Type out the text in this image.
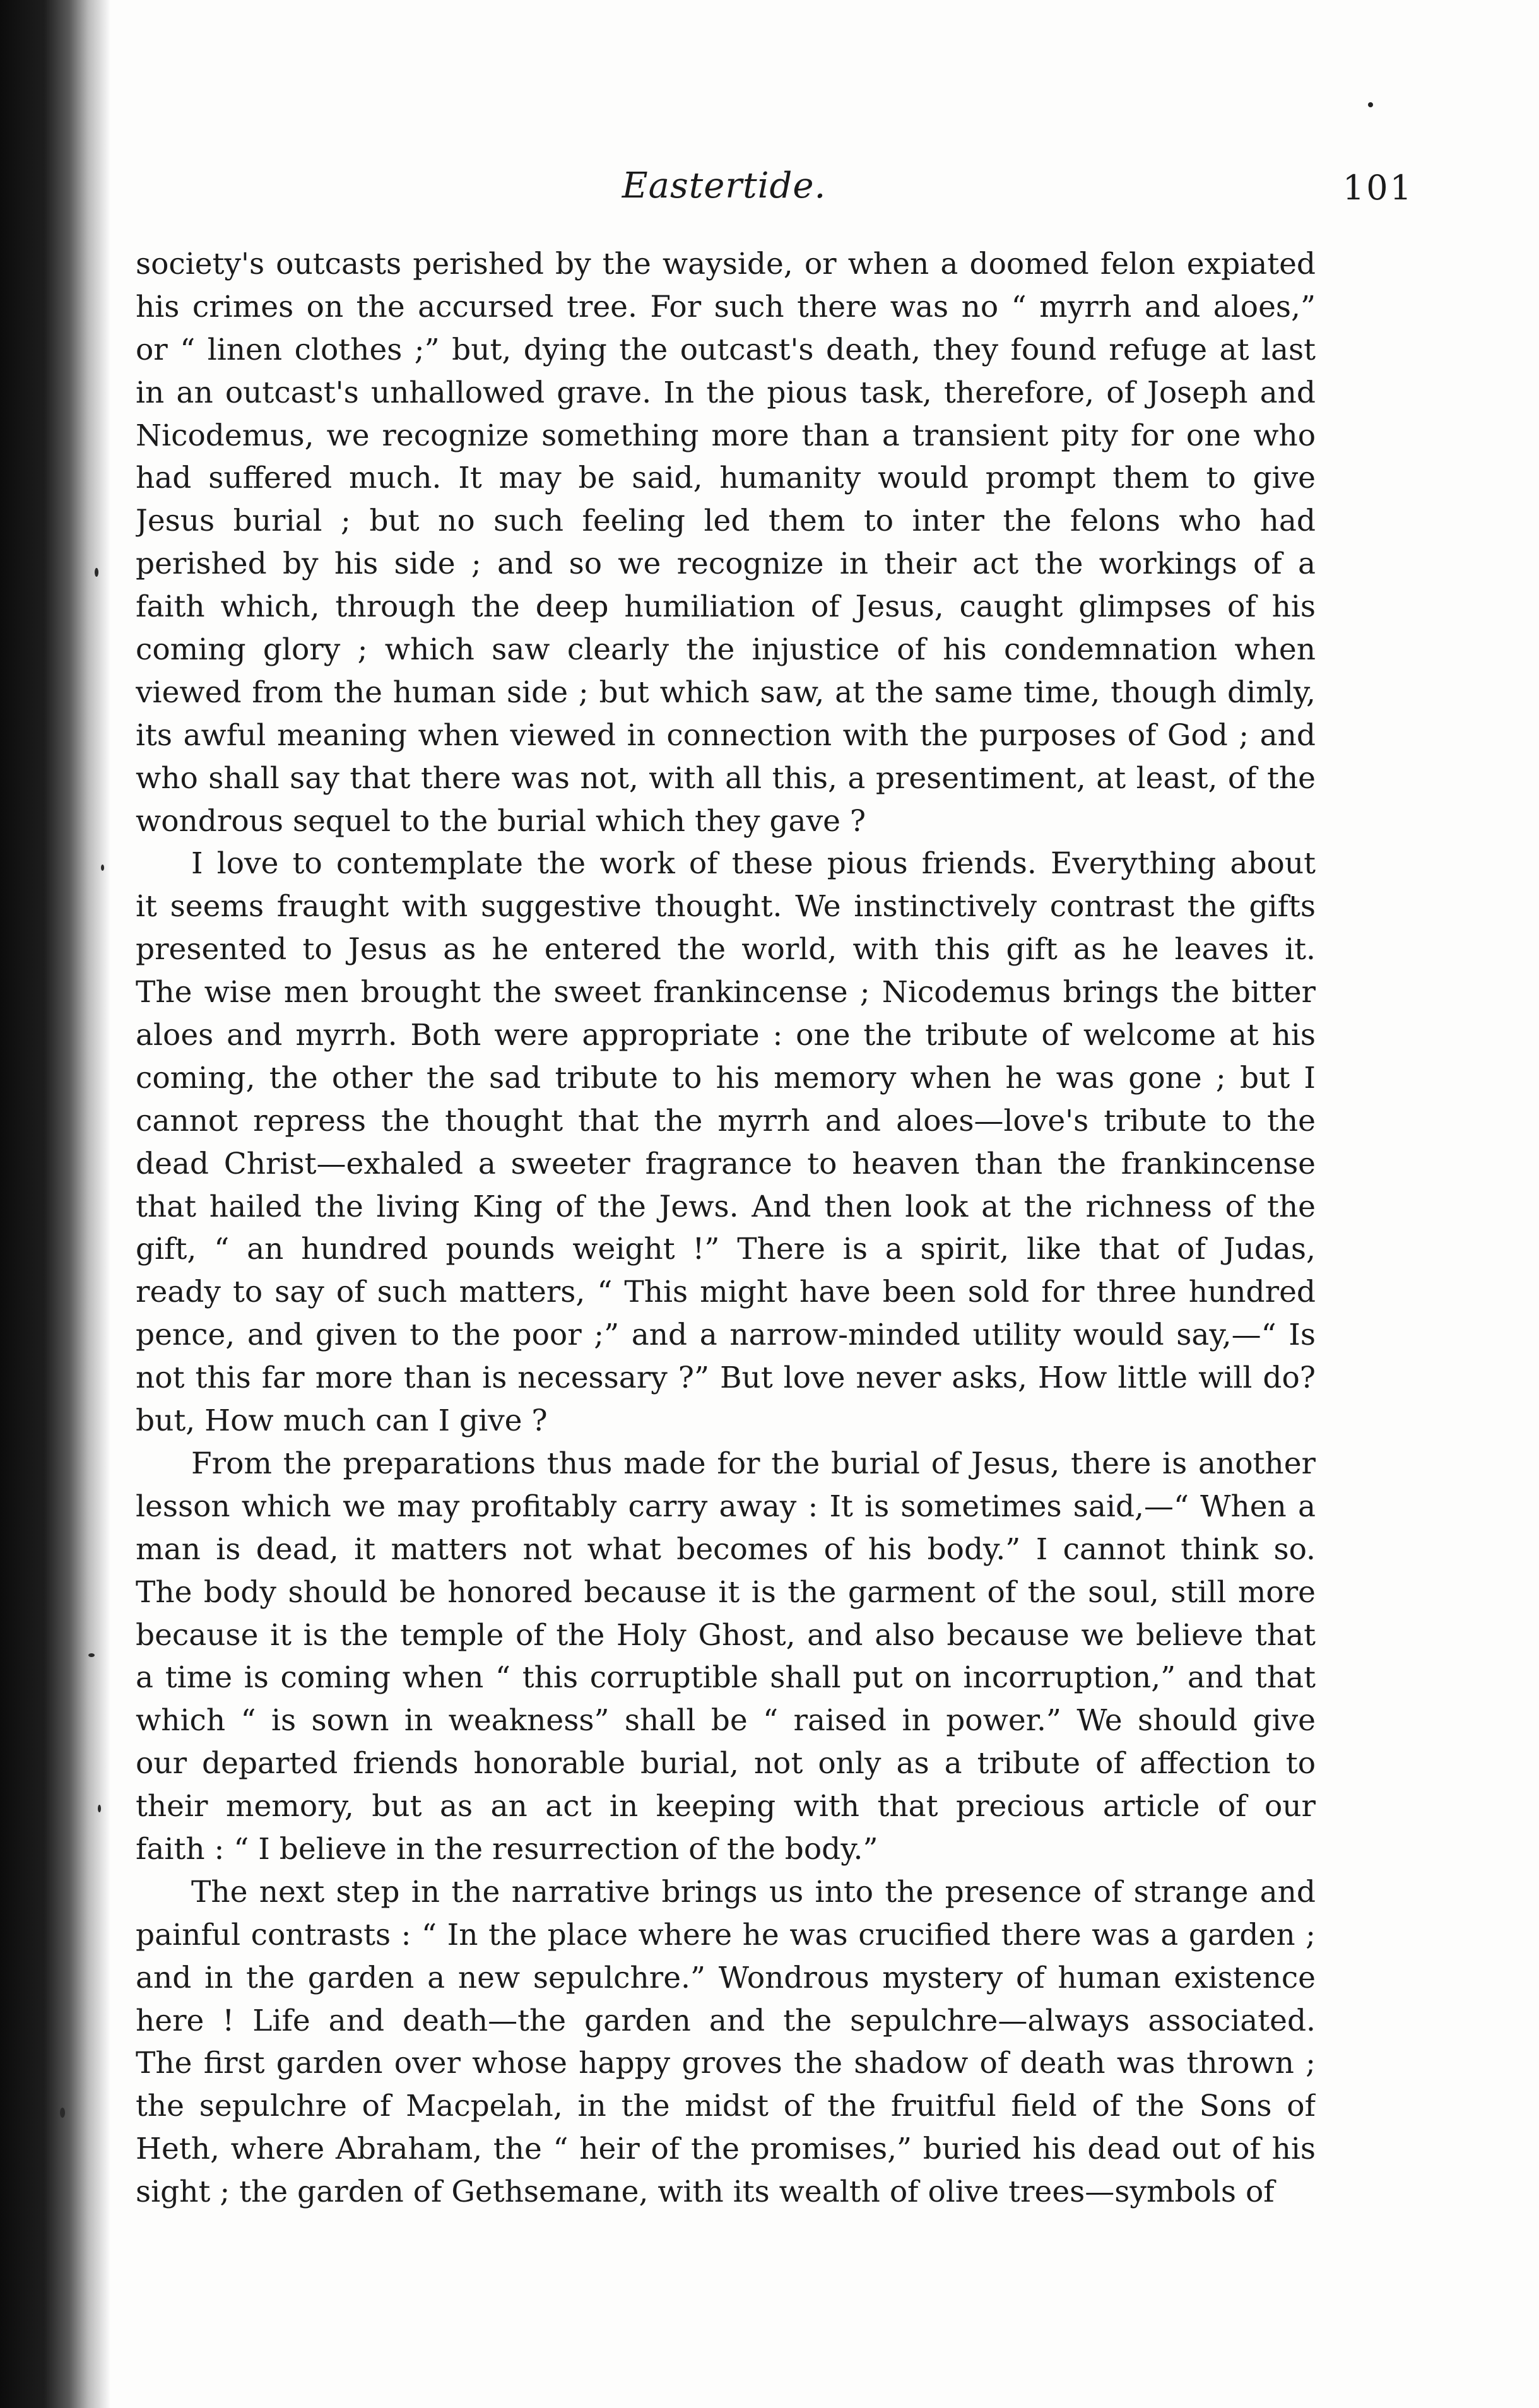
Eastertide.	101
society's outcasts perished by the wayside, or when a doomed felon expiated
his crimes on the accursed tree. For such there was no “ myrrh and aloes,”
or “ linen clothes ;” but, dying the outcast's death, they found refuge at last
in an outcast's unhallowed grave. In the pious task, therefore, of Joseph and
Nicodemus, we recognize something more than a transient pity for one who
had suffered much. It may be said, humanity would prompt them to give
Jesus burial ; but no such feeling led them to inter the felons who had
perished by his side ; and so we recognize in their act the workings of a
faith which, through the deep humiliation of Jesus, caught glimpses of his
coming glory ; which saw clearly the injustice of his condemnation when
viewed from the human side ; but which saw, at the same time, though dimly,
its awful meaning when viewed in connection with the purposes of God ; and
who shall say that there was not, with all this, a presentiment, at least, of the
wondrous sequel to the burial which they gave ?
I love to contemplate the work of these pious friends. Everything about
it seems fraught with suggestive thought. We instinctively contrast the gifts
presented to Jesus as he entered the world, with this gift as he leaves it.
The wise men brought the sweet frankincense ; Nicodemus brings the bitter
aloes and myrrh. Both were appropriate : one the tribute of welcome at his
coming, the other the sad tribute to his memory when he was gone ; but I
cannot repress the thought that the myrrh and aloes—love's tribute to the
dead Christ—exhaled a sweeter fragrance to heaven than the frankincense
that hailed the living King of the Jews. And then look at the richness of the
gift, “ an hundred pounds weight !” There is a spirit, like that of Judas,
ready to say of such matters, “ This might have been sold for three hundred
pence, and given to the poor ;” and a narrow-minded utility would say,—“ Is
not this far more than is necessary ?” But love never asks, How little will do?
but, How much can I give ?
From the preparations thus made for the burial of Jesus, there is another
lesson which we may profitably carry away : It is sometimes said,—“ When a
man is dead, it matters not what becomes of his body.” I cannot think so.
The body should be honored because it is the garment of the soul, still more
because it is the temple of the Holy Ghost, and also because we believe that
a time is coming when “ this corruptible shall put on incorruption,” and that
which “ is sown in weakness” shall be “ raised in power.” We should give
our departed friends honorable burial, not only as a tribute of affection to
their memory, but as an act in keeping with that precious article of our
faith : “ I believe in the resurrection of the body.”
The next step in the narrative brings us into the presence of strange and
painful contrasts : “ In the place where he was crucified there was a garden ;
and in the garden a new sepulchre.” Wondrous mystery of human existence
here ! Life and death—the garden and the sepulchre—always associated.
The first garden over whose happy groves the shadow of death was thrown ;
the sepulchre of Macpelah, in the midst of the fruitful field of the Sons of
Heth, where Abraham, the “ heir of the promises,” buried his dead out of his
sight ; the garden of Gethsemane, with its wealth of olive trees—symbols of
